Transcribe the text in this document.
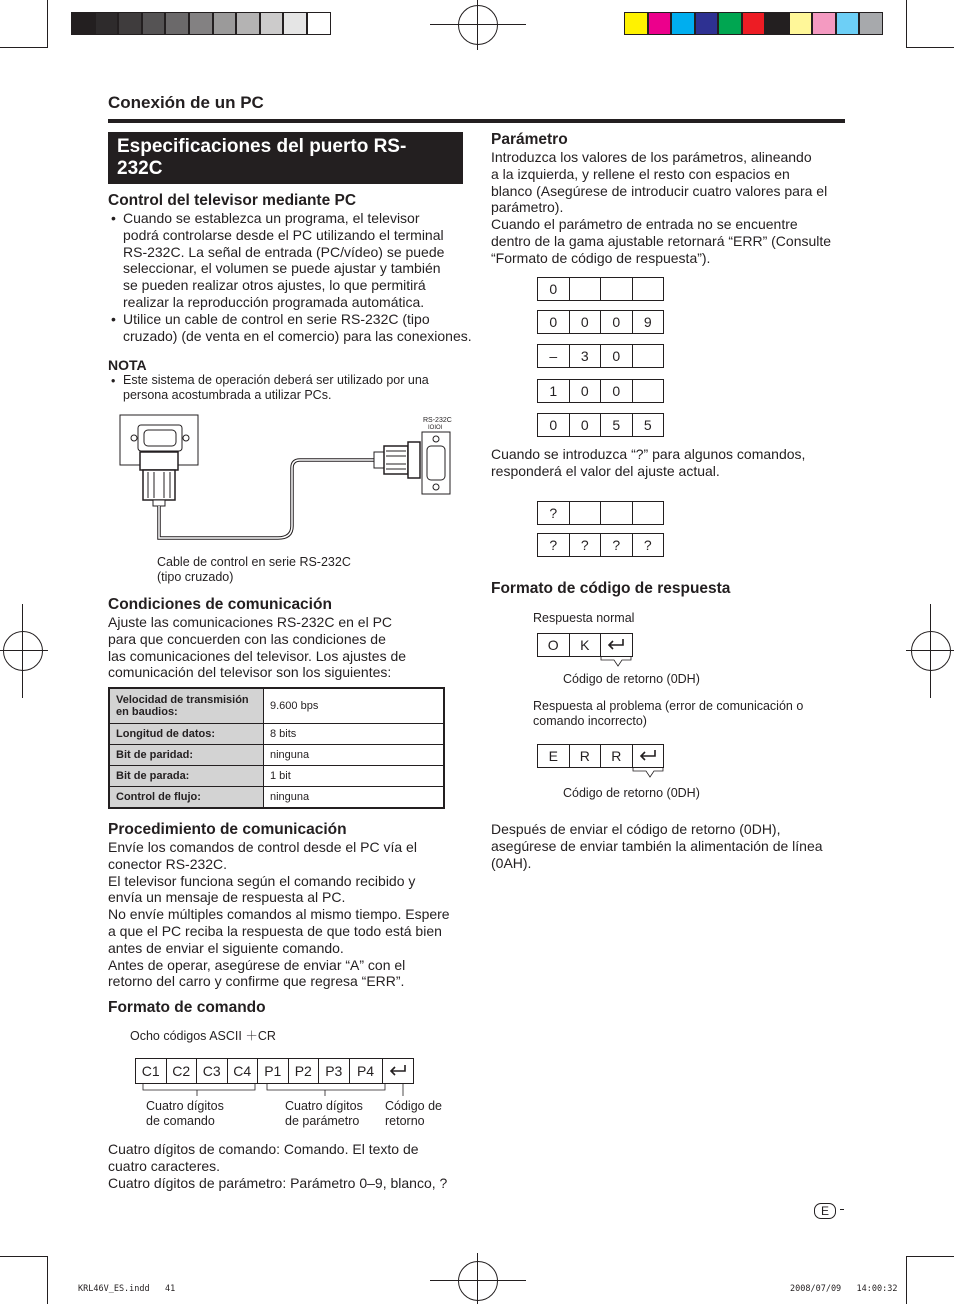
Conexión de un PC
Especificaciones del puerto RS-
232C
Control del televisor mediante PC
• Cuando se establezca un programa, el televisor
podrá controlarse desde el PC utilizando el terminal
RS-232C. La señal de entrada (PC/vídeo) se puede
seleccionar, el volumen se puede ajustar y también
se pueden realizar otros ajustes, lo que permitirá
realizar la reproducción programada automática.
• Utilice un cable de control en serie RS-232C (tipo
cruzado) (de venta en el comercio) para las conexiones.
NOTA
• Este sistema de operación deberá ser utilizado por una
persona acostumbrada a utilizar PCs.
RS-232C
IOIOI
Cable de control en serie RS-232C
(tipo cruzado)
Condiciones de comunicación
Ajuste las comunicaciones RS-232C en el PC
para que concuerden con las condiciones de
las comunicaciones del televisor. Los ajustes de
comunicación del televisor son los siguientes:
Velocidad de transmisión
en baudios:	9.600 bps
Longitud de datos:	8 bits
Bit de paridad:	ninguna
Bit de parada:	1 bit
Control de flujo:	ninguna
Procedimiento de comunicación
Envíe los comandos de control desde el PC vía el
conector RS-232C.
El televisor funciona según el comando recibido y
envía un mensaje de respuesta al PC.
No envíe múltiples comandos al mismo tiempo. Espere
a que el PC reciba la respuesta de que todo está bien
antes de enviar el siguiente comando.
Antes de operar, asegúrese de enviar “A” con el
retorno del carro y confirme que regresa “ERR”.
Formato de comando
Ocho códigos ASCII ＋CR
C1	C2	C3	C4	P1	P2	P3	P4	
Cuatro dígitos
de comando
Cuatro dígitos
de parámetro
Código de
retorno
Cuatro dígitos de comando: Comando. El texto de
cuatro caracteres.
Cuatro dígitos de parámetro: Parámetro 0–9, blanco, ?
Parámetro
Introduzca los valores de los parámetros, alineando
a la izquierda, y rellene el resto con espacios en
blanco (Asegúrese de introducir cuatro valores para el
parámetro).
Cuando el parámetro de entrada no se encuentre
dentro de la gama ajustable retornará “ERR” (Consulte
“Formato de código de respuesta”).
0			
0	0	0	9
–	3	0	
1	0	0	
0	0	5	5
Cuando se introduzca “?” para algunos comandos,
responderá el valor del ajuste actual.
?			
?	?	?	?
Formato de código de respuesta
Respuesta normal
O	K	
Código de retorno (0DH)
Respuesta al problema (error de comunicación o
comando incorrecto)
E	R	R	
Código de retorno (0DH)
Después de enviar el código de retorno (0DH),
asegúrese de enviar también la alimentación de línea
(0AH).
E
KRL46V_ES.indd   41	2008/07/09   14:00:32
